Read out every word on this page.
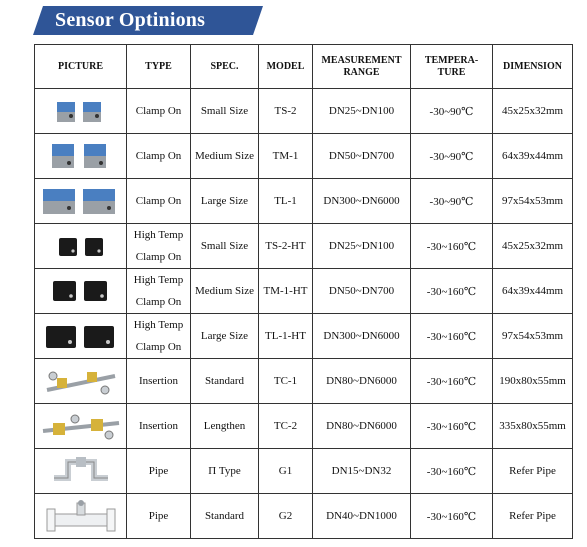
Sensor Optinions
PICTURE	TYPE	SPEC.	MODEL	MEASUREMENT
RANGE	TEMPERA-
TURE	DIMENSION

	Clamp On	Small Size	TS-2	DN25~DN100	-30~90℃	45x25x32mm

	Clamp On	Medium Size	TM-1	DN50~DN700	-30~90℃	64x39x44mm

	Clamp On	Large Size	TL-1	DN300~DN6000	-30~90℃	97x54x53mm

	High Temp
Clamp On	Small Size	TS-2-HT	DN25~DN100	-30~160℃	45x25x32mm

	High Temp
Clamp On	Medium Size	TM-1-HT	DN50~DN700	-30~160℃	64x39x44mm

	High Temp
Clamp On	Large Size	TL-1-HT	DN300~DN6000	-30~160℃	97x54x53mm

	Insertion	Standard	TC-1	DN80~DN6000	-30~160℃	190x80x55mm

	Insertion	Lengthen	TC-2	DN80~DN6000	-30~160℃	335x80x55mm

	Pipe	Π Type	G1	DN15~DN32	-30~160℃	Refer Pipe

	Pipe	Standard	G2	DN40~DN1000	-30~160℃	Refer Pipe
